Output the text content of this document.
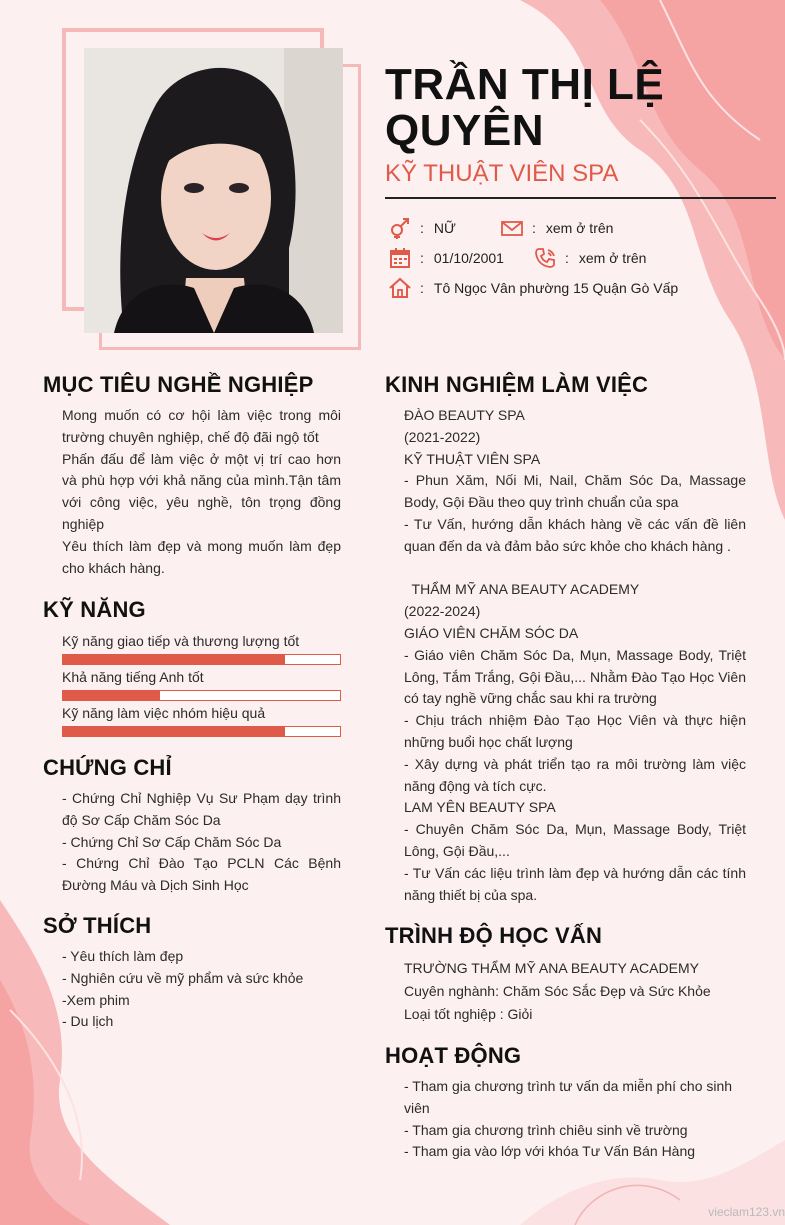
TRẦN THỊ LỆ QUYÊN
KỸ THUẬT VIÊN SPA
: NỮ	: xem ở trên
: 01/10/2001	: xem ở trên
: Tô Ngọc Vân phường 15 Quận Gò Vấp
MỤC TIÊU NGHỀ NGHIỆP

Mong muốn có cơ hội làm việc trong môi trường chuyên nghiệp, chế độ đãi ngộ tốt

Phấn đấu để làm việc ở một vị trí cao hơn và phù hợp với khả năng của mình.Tận tâm với công việc, yêu nghề, tôn trọng đồng nghiệp

Yêu thích làm đẹp và mong muốn làm đẹp cho khách hàng.

KỸ NĂNG
Kỹ năng giao tiếp và thương lượng tốt
Khả năng tiếng Anh tốt
Kỹ năng làm việc nhóm hiệu quả
CHỨNG CHỈ

- Chứng Chỉ Nghiệp Vụ Sư Phạm dạy trình độ Sơ Cấp Chăm Sóc Da

- Chứng Chỉ Sơ Cấp Chăm Sóc Da

- Chứng Chỉ Đào Tạo PCLN Các Bệnh Đường Máu và Dịch Sinh Học

SỞ THÍCH

- Yêu thích làm đẹp

- Nghiên cứu về mỹ phẩm và sức khỏe

-Xem phim

- Du lịch

KINH NGHIỆM LÀM VIỆC

ĐÀO BEAUTY SPA

(2021-2022)

KỸ THUẬT VIÊN SPA

- Phun Xăm, Nối Mi, Nail, Chăm Sóc Da, Massage Body, Gội Đầu theo quy trình chuẩn của spa

- Tư Vấn, hướng dẫn khách hàng về các vấn đề liên quan đến da và đảm bảo sức khỏe cho khách hàng .

THẨM MỸ ANA BEAUTY ACADEMY

(2022-2024)

GIÁO VIÊN CHĂM SÓC DA

- Giáo viên Chăm Sóc Da, Mụn, Massage Body, Triệt Lông, Tắm Trắng, Gội Đầu,... Nhằm Đào Tạo Học Viên có tay nghề vững chắc sau khi ra trường

- Chịu trách nhiệm Đào Tạo Học Viên và thực hiện những buổi học chất lượng

- Xây dựng và phát triển tạo ra môi trường làm việc năng động và tích cực.

LAM YÊN BEAUTY SPA

- Chuyên Chăm Sóc Da, Mụn, Massage Body, Triệt Lông, Gội Đầu,...

- Tư Vấn các liệu trình làm đẹp và hướng dẫn các tính năng thiết bị của spa.

TRÌNH ĐỘ HỌC VẤN

TRƯỜNG THẨM MỸ ANA BEAUTY ACADEMY

Cuyên nghành: Chăm Sóc Sắc Đẹp và Sức Khỏe

Loại tốt nghiệp : Giỏi

HOẠT ĐỘNG

- Tham gia chương trình tư vấn da miễn phí cho sinh viên

- Tham gia chương trình chiêu sinh về trường

- Tham gia vào lớp với khóa Tư Vấn Bán Hàng

vieclam123.vn
